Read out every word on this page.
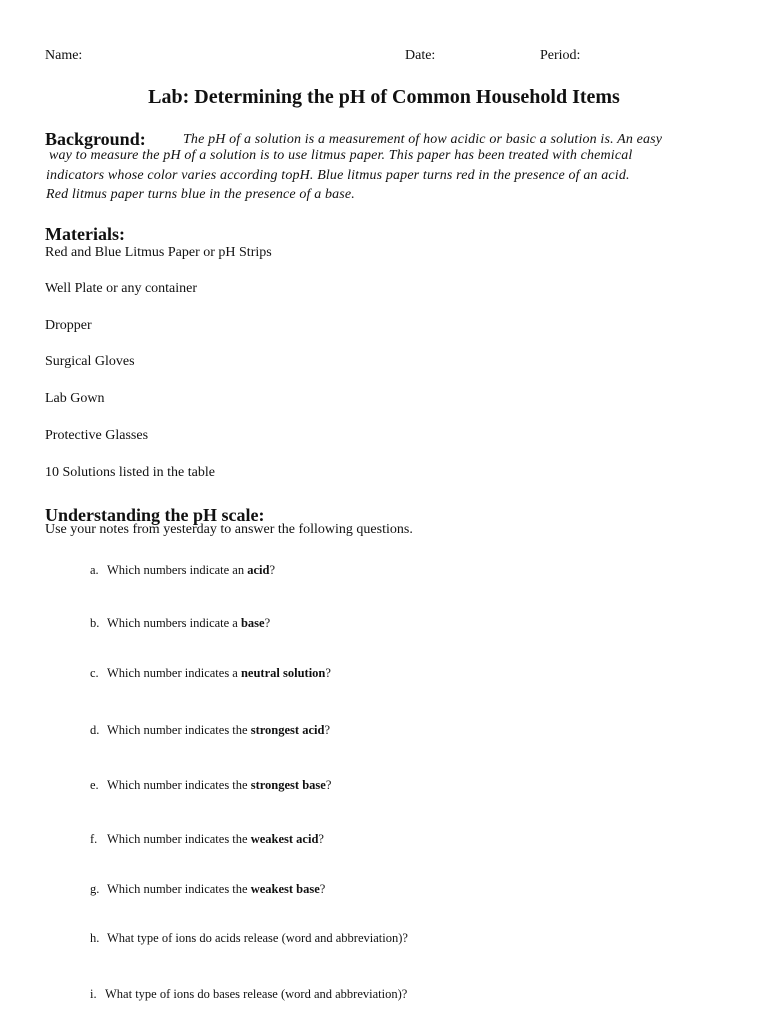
Name:	Date:	Period:
Lab: Determining the pH of Common Household Items
Background:	The pH of a solution is a measurement of how acidic or basic a solution is. An easy
way to measure the pH of a solution is to use litmus paper. This paper has been treated with chemical
indicators whose color varies according topH. Blue litmus paper turns red in the presence of an acid.
Red litmus paper turns blue in the presence of a base.
Materials:
Red and Blue Litmus Paper or pH Strips
Well Plate or any container
Dropper
Surgical Gloves
Lab Gown
Protective Glasses
10 Solutions listed in the table
Understanding the pH scale:
Use your notes from yesterday to answer the following questions.
a. Which numbers indicate an acid?
b. Which numbers indicate a base?
c. Which number indicates a neutral solution?
d. Which number indicates the strongest acid?
e. Which number indicates the strongest base?
f. Which number indicates the weakest acid?
g. Which number indicates the weakest base?
h. What type of ions do acids release (word and abbreviation)?
i. What type of ions do bases release (word and abbreviation)?
